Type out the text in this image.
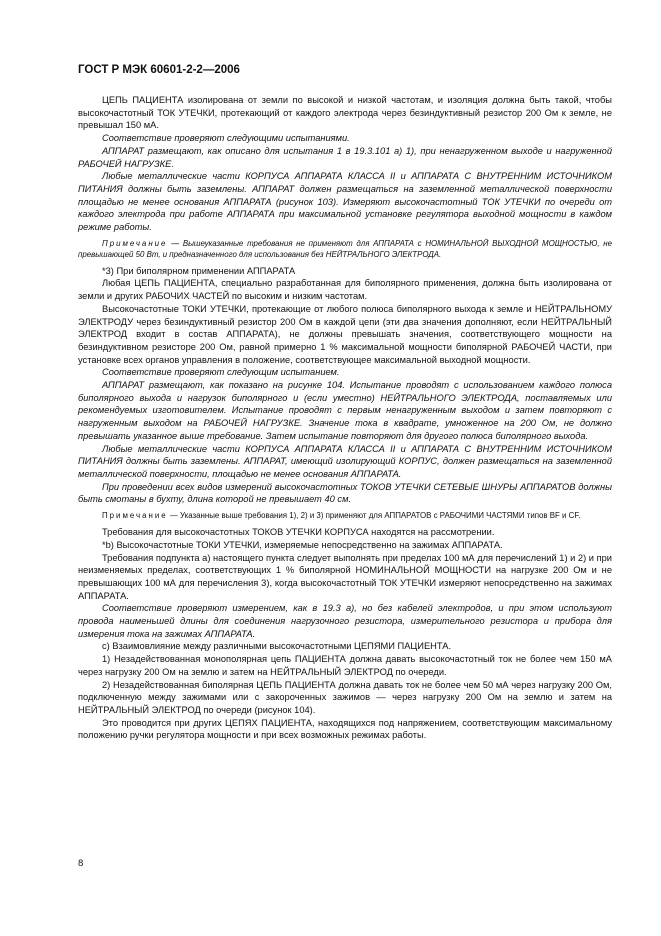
ГОСТ Р МЭК 60601-2-2—2006

ЦЕПЬ ПАЦИЕНТА изолирована от земли по высокой и низкой частотам, и изоляция должна быть такой, чтобы высокочастотный ТОК УТЕЧКИ, протекающий от каждого электрода через безиндуктивный резистор 200 Ом к земле, не превышал 150 мА.

Соответствие проверяют следующими испытаниями.

АППАРАТ размещают, как описано для испытания 1 в 19.3.101 а) 1), при ненагруженном выходе и нагруженной РАБОЧЕЙ НАГРУЗКЕ.

Любые металлические части КОРПУСА АППАРАТА КЛАССА II и АППАРАТА С ВНУТРЕННИМ ИСТОЧНИКОМ ПИТАНИЯ должны быть заземлены. АППАРАТ должен размещаться на заземленной металлической поверхности площадью не менее основания АППАРАТА (рисунок 103). Измеряют высокочастотный ТОК УТЕЧКИ по очереди от каждого электрода при работе АППАРАТА при максимальной установке регулятора выходной мощности в каждом режиме работы.

Примечание — Вышеуказанные требования не применяют для АППАРАТА с НОМИНАЛЬНОЙ ВЫХОДНОЙ МОЩНОСТЬЮ, не превышающей 50 Вт, и предназначенного для использования без НЕЙТРАЛЬНОГО ЭЛЕКТРОДА.

*3) При биполярном применении АППАРАТА

Любая ЦЕПЬ ПАЦИЕНТА, специально разработанная для биполярного применения, должна быть изолирована от земли и других РАБОЧИХ ЧАСТЕЙ по высоким и низким частотам.

Высокочастотные ТОКИ УТЕЧКИ, протекающие от любого полюса биполярного выхода к земле и НЕЙТРАЛЬНОМУ ЭЛЕКТРОДУ через безиндуктивный резистор 200 Ом в каждой цепи (эти два значения дополняют, если НЕЙТРАЛЬНЫЙ ЭЛЕКТРОД входит в состав АППАРАТА), не должны превышать значения, соответствующего мощности на безиндуктивном резисторе 200 Ом, равной примерно 1 % максимальной мощности биполярной РАБОЧЕЙ ЧАСТИ, при установке всех органов управления в положение, соответствующее максимальной выходной мощности.

Соответствие проверяют следующим испытанием.

АППАРАТ размещают, как показано на рисунке 104. Испытание проводят с использованием каждого полюса биполярного выхода и нагрузок биполярного и (если уместно) НЕЙТРАЛЬНОГО ЭЛЕКТРОДА, поставляемых или рекомендуемых изготовителем. Испытание проводят с первым ненагруженным выходом и затем повторяют с нагруженным выходом на РАБОЧЕЙ НАГРУЗКЕ. Значение тока в квадрате, умноженное на 200 Ом, не должно превышать указанное выше требование. Затем испытание повторяют для другого полюса биполярного выхода.

Любые металлические части КОРПУСА АППАРАТА КЛАССА II и АППАРАТА С ВНУТРЕННИМ ИСТОЧНИКОМ ПИТАНИЯ должны быть заземлены. АППАРАТ, имеющий изолирующий КОРПУС, должен размещаться на заземленной металлической поверхности, площадью не менее основания АППАРАТА.

При проведении всех видов измерений высокочастотных ТОКОВ УТЕЧКИ СЕТЕВЫЕ ШНУРЫ АППАРАТОВ должны быть смотаны в бухту, длина которой не превышает 40 см.

Примечание — Указанные выше требования 1), 2) и 3) применяют для АППАРАТОВ с РАБОЧИМИ ЧАСТЯМИ типов BF и CF.

Требования для высокочастотных ТОКОВ УТЕЧКИ КОРПУСА находятся на рассмотрении.

*b) Высокочастотные ТОКИ УТЕЧКИ, измеряемые непосредственно на зажимах АППАРАТА.

Требования подпункта а) настоящего пункта следует выполнять при пределах 100 мА для перечислений 1) и 2) и при неизменяемых пределах, соответствующих 1 % биполярной НОМИНАЛЬНОЙ МОЩНОСТИ на нагрузке 200 Ом и не превышающих 100 мА для перечисления 3), когда высокочастотный ТОК УТЕЧКИ измеряют непосредственно на зажимах АППАРАТА.

Соответствие проверяют измерением, как в 19.3 а), но без кабелей электродов, и при этом используют провода наименьшей длины для соединения нагрузочного резистора, измерительного резистора и прибора для измерения тока на зажимах АППАРАТА.

с) Взаимовлияние между различными высокочастотными ЦЕПЯМИ ПАЦИЕНТА.

1) Незадействованная монополярная цепь ПАЦИЕНТА должна давать высокочастотный ток не более чем 150 мА через нагрузку 200 Ом на землю и затем на НЕЙТРАЛЬНЫЙ ЭЛЕКТРОД по очереди.

2) Незадействованная биполярная ЦЕПЬ ПАЦИЕНТА должна давать ток не более чем 50 мА через нагрузку 200 Ом, подключенную между зажимами или с закороченных зажимов — через нагрузку 200 Ом на землю и затем на НЕЙТРАЛЬНЫЙ ЭЛЕКТРОД по очереди (рисунок 104).

Это проводится при других ЦЕПЯХ ПАЦИЕНТА, находящихся под напряжением, соответствующим максимальному положению ручки регулятора мощности и при всех возможных режимах работы.

8
